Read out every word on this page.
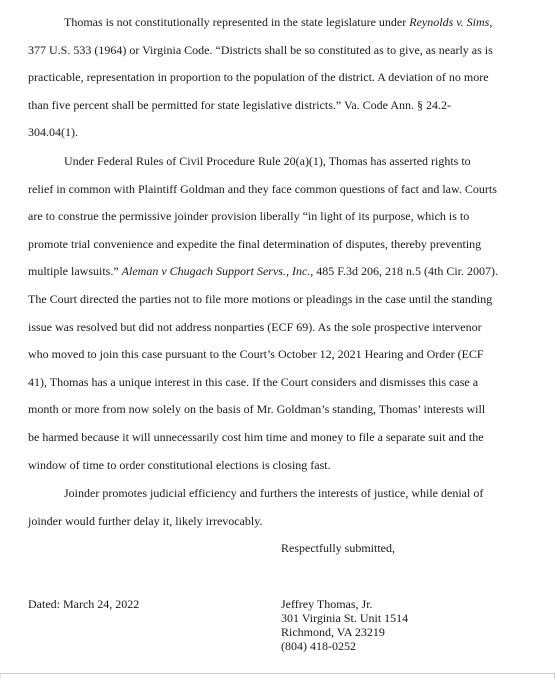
Thomas is not constitutionally represented in the state legislature under Reynolds v. Sims, 377 U.S. 533 (1964) or Virginia Code. “Districts shall be so constituted as to give, as nearly as is practicable, representation in proportion to the population of the district. A deviation of no more than five percent shall be permitted for state legislative districts.” Va. Code Ann. § 24.2-304.04(1).

Under Federal Rules of Civil Procedure Rule 20(a)(1), Thomas has asserted rights to relief in common with Plaintiff Goldman and they face common questions of fact and law. Courts are to construe the permissive joinder provision liberally “in light of its purpose, which is to promote trial convenience and expedite the final determination of disputes, thereby preventing multiple lawsuits.” Aleman v Chugach Support Servs., Inc., 485 F.3d 206, 218 n.5 (4th Cir. 2007). The Court directed the parties not to file more motions or pleadings in the case until the standing issue was resolved but did not address nonparties (ECF 69). As the sole prospective intervenor who moved to join this case pursuant to the Court’s October 12, 2021 Hearing and Order (ECF 41), Thomas has a unique interest in this case. If the Court considers and dismisses this case a month or more from now solely on the basis of Mr. Goldman’s standing, Thomas’ interests will be harmed because it will unnecessarily cost him time and money to file a separate suit and the window of time to order constitutional elections is closing fast.

Joinder promotes judicial efficiency and furthers the interests of justice, while denial of joinder would further delay it, likely irrevocably.

Respectfully submitted,
Dated: March 24, 2022	Jeffrey Thomas, Jr.
301 Virginia St. Unit 1514
Richmond, VA 23219
(804) 418-0252
